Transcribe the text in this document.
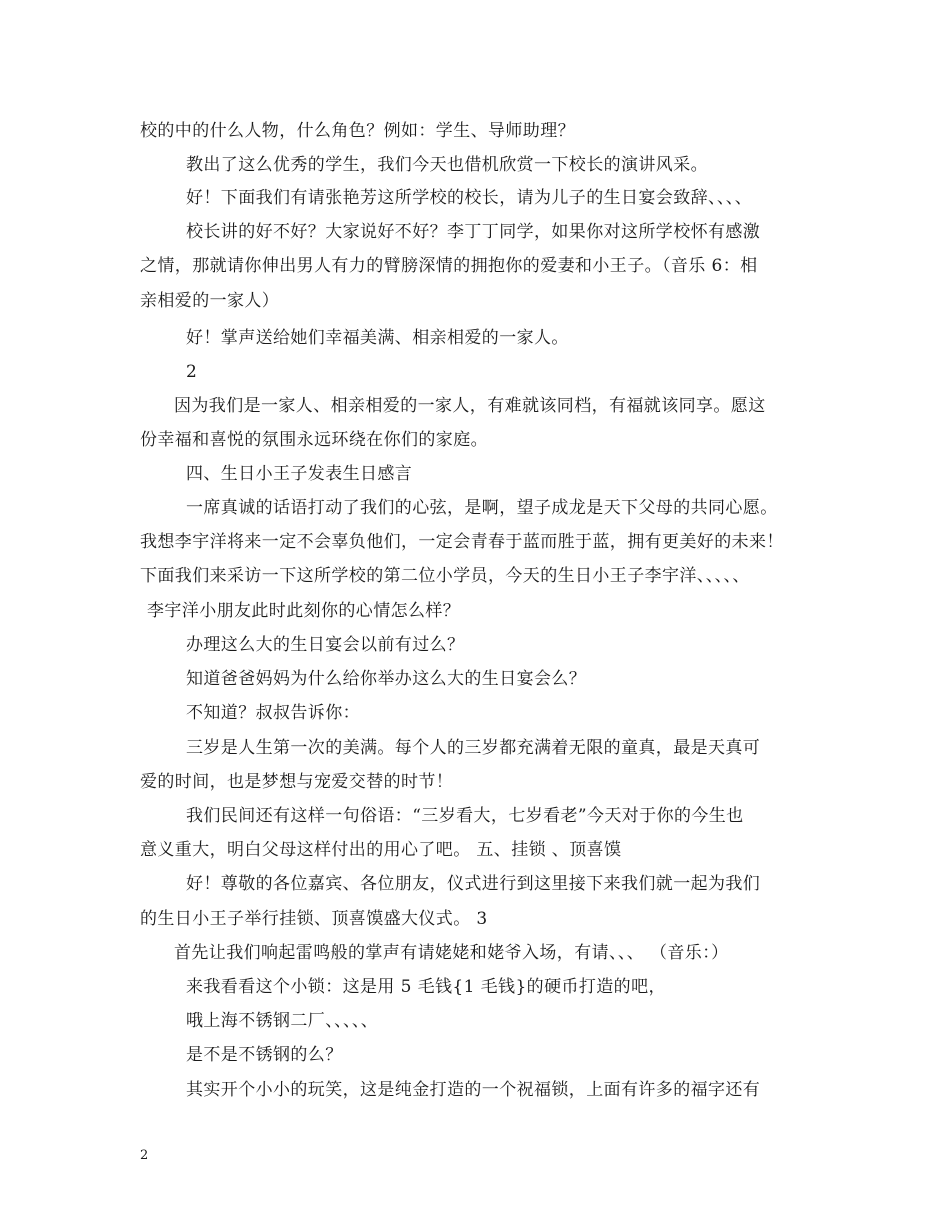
校的中的什么人物，什么角色？例如：学生、导师助理？
教出了这么优秀的学生，我们今天也借机欣赏一下校长的演讲风采。
好！下面我们有请张艳芳这所学校的校长，请为儿子的生日宴会致辞、、、、
校长讲的好不好？大家说好不好？李丁丁同学，如果你对这所学校怀有感激
之情，那就请你伸出男人有力的臂膀深情的拥抱你的爱妻和小王子。（音乐 6：相
亲相爱的一家人）
好！掌声送给她们幸福美满、相亲相爱的一家人。
2
因为我们是一家人、相亲相爱的一家人，有难就该同档，有福就该同享。愿这
份幸福和喜悦的氛围永远环绕在你们的家庭。
四、生日小王子发表生日感言
一席真诚的话语打动了我们的心弦，是啊，望子成龙是天下父母的共同心愿。
我想李宇洋将来一定不会辜负他们，一定会青春于蓝而胜于蓝，拥有更美好的未来！
下面我们来采访一下这所学校的第二位小学员，今天的生日小王子李宇洋、、、、、
李宇洋小朋友此时此刻你的心情怎么样？
办理这么大的生日宴会以前有过么？
知道爸爸妈妈为什么给你举办这么大的生日宴会么？
不知道？叔叔告诉你：
三岁是人生第一次的美满。每个人的三岁都充满着无限的童真，最是天真可
爱的时间，也是梦想与宠爱交替的时节！
我们民间还有这样一句俗语：“三岁看大，七岁看老”今天对于你的今生也
意义重大，明白父母这样付出的用心了吧。 五、挂锁 、顶喜馍
好！尊敬的各位嘉宾、各位朋友，仪式进行到这里接下来我们就一起为我们
的生日小王子举行挂锁、顶喜馍盛大仪式。 3
首先让我们响起雷鸣般的掌声有请姥姥和姥爷入场，有请、、、 （音乐：）
来我看看这个小锁：这是用 5 毛钱{1 毛钱}的硬币打造的吧，
哦上海不锈钢二厂、、、、、
是不是不锈钢的么？
其实开个小小的玩笑，这是纯金打造的一个祝福锁，上面有许多的福字还有
2
